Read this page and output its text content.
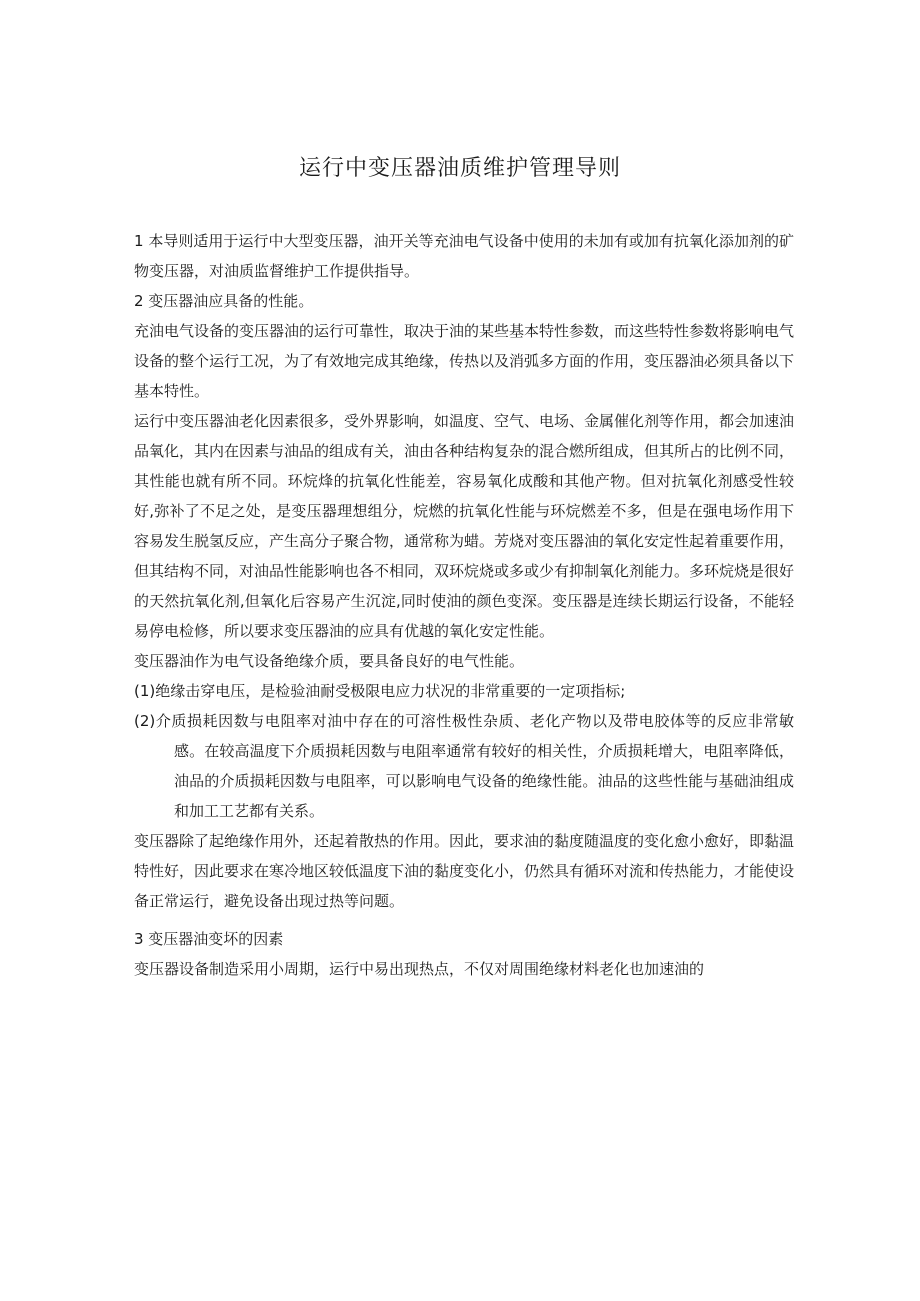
运行中变压器油质维护管理导则

1 本导则适用于运行中大型变压器，油开关等充油电气设备中使用的未加有或加有抗氧化添加剂的矿物变压器，对油质监督维护工作提供指导。

2 变压器油应具备的性能。

充油电气设备的变压器油的运行可靠性，取决于油的某些基本特性参数，而这些特性参数将影响电气设备的整个运行工况，为了有效地完成其绝缘，传热以及消弧多方面的作用，变压器油必须具备以下基本特性。

运行中变压器油老化因素很多，受外界影响，如温度、空气、电场、金属催化剂等作用，都会加速油品氧化，其内在因素与油品的组成有关，油由各种结构复杂的混合燃所组成，但其所占的比例不同，其性能也就有所不同。环烷烽的抗氧化性能差，容易氧化成酸和其他产物。但对抗氧化剂感受性较好,弥补了不足之处，是变压器理想组分，烷燃的抗氧化性能与环烷燃差不多，但是在强电场作用下容易发生脱氢反应，产生高分子聚合物，通常称为蜡。芳烧对变压器油的氧化安定性起着重要作用，但其结构不同，对油品性能影响也各不相同，双环烷烧或多或少有抑制氧化剂能力。多环烷烧是很好的天然抗氧化剂,但氧化后容易产生沉淀,同时使油的颜色变深。变压器是连续长期运行设备，不能轻易停电检修，所以要求变压器油的应具有优越的氧化安定性能。

变压器油作为电气设备绝缘介质，要具备良好的电气性能。

(1)绝缘击穿电压，是检验油耐受极限电应力状况的非常重要的一定项指标;

(2)介质损耗因数与电阻率对油中存在的可溶性极性杂质、老化产物以及带电胶体等的反应非常敏感。在较高温度下介质损耗因数与电阻率通常有较好的相关性，介质损耗增大，电阻率降低，油品的介质损耗因数与电阻率，可以影响电气设备的绝缘性能。油品的这些性能与基础油组成和加工工艺都有关系。

变压器除了起绝缘作用外，还起着散热的作用。因此，要求油的黏度随温度的变化愈小愈好，即黏温特性好，因此要求在寒冷地区较低温度下油的黏度变化小，仍然具有循环对流和传热能力，才能使设备正常运行，避免设备出现过热等问题。

3 变压器油变坏的因素

变压器设备制造采用小周期，运行中易出现热点，不仅对周围绝缘材料老化也加速油的
